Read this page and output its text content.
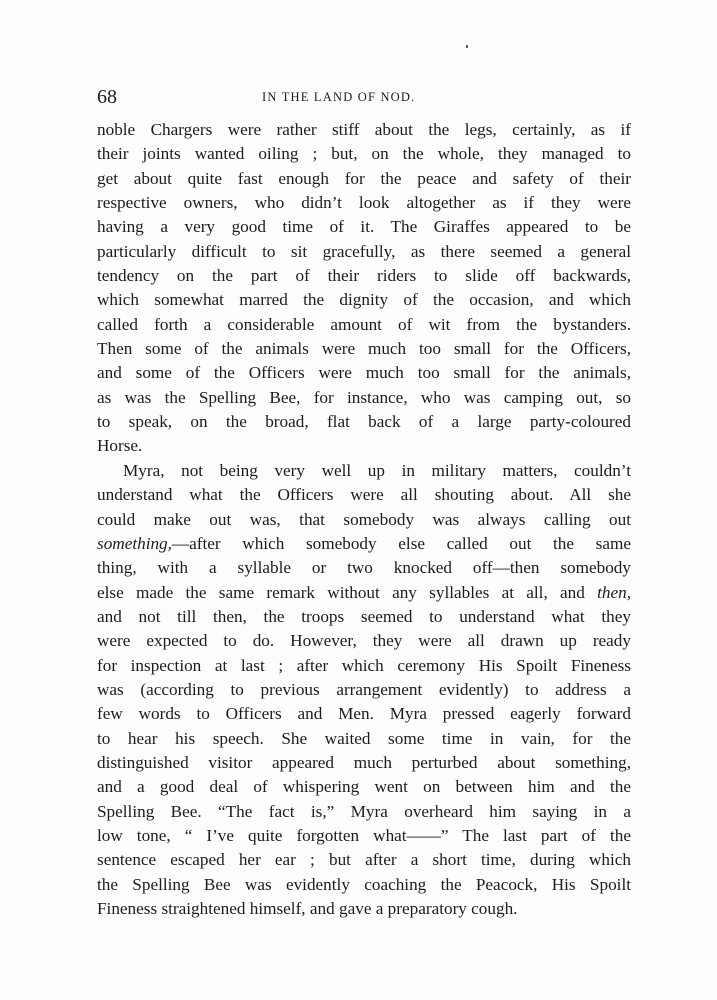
68	IN THE LAND OF NOD.
noble Chargers were rather stiff about the legs, certainly, as if
their joints wanted oiling ; but, on the whole, they managed to
get about quite fast enough for the peace and safety of their
respective owners, who didn’t look altogether as if they were
having a very good time of it. The Giraffes appeared to be
particularly difficult to sit gracefully, as there seemed a general
tendency on the part of their riders to slide off backwards,
which somewhat marred the dignity of the occasion, and which
called forth a considerable amount of wit from the bystanders.
Then some of the animals were much too small for the Officers,
and some of the Officers were much too small for the animals,
as was the Spelling Bee, for instance, who was camping out, so
to speak, on the broad, flat back of a large party-coloured
Horse.
Myra, not being very well up in military matters, couldn’t
understand what the Officers were all shouting about. All she
could make out was, that somebody was always calling out
something,—after which somebody else called out the same
thing, with a syllable or two knocked off—then somebody
else made the same remark without any syllables at all, and then,
and not till then, the troops seemed to understand what they
were expected to do. However, they were all drawn up ready
for inspection at last ; after which ceremony His Spoilt Fineness
was (according to previous arrangement evidently) to address a
few words to Officers and Men. Myra pressed eagerly forward
to hear his speech. She waited some time in vain, for the
distinguished visitor appeared much perturbed about something,
and a good deal of whispering went on between him and the
Spelling Bee. “The fact is,” Myra overheard him saying in a
low tone, “ I’ve quite forgotten what——” The last part of the
sentence escaped her ear ; but after a short time, during which
the Spelling Bee was evidently coaching the Peacock, His Spoilt
Fineness straightened himself, and gave a preparatory cough.
